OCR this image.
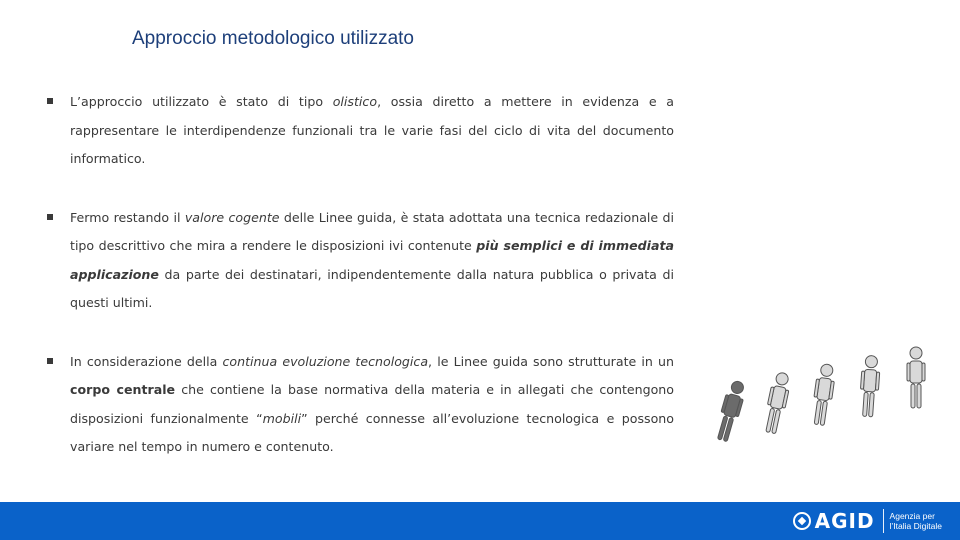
Approccio metodologico utilizzato
L’approccio utilizzato è stato di tipo olistico, ossia diretto a mettere in evidenza e a rappresentare le interdipendenze funzionali tra le varie fasi del ciclo di vita del documento informatico.
Fermo restando il valore cogente delle Linee guida, è stata adottata una tecnica redazionale di tipo descrittivo che mira a rendere le disposizioni ivi contenute più semplici e di immediata applicazione da parte dei destinatari, indipendentemente dalla natura pubblica o privata di questi ultimi.
In considerazione della continua evoluzione tecnologica, le Linee guida sono strutturate in un corpo centrale che contiene la base normativa della materia e in allegati che contengono disposizioni funzionalmente “mobili” perché connesse all’evoluzione tecnologica e possono variare nel tempo in numero e contenuto.
AGID Agenzia per
l’Italia Digitale
